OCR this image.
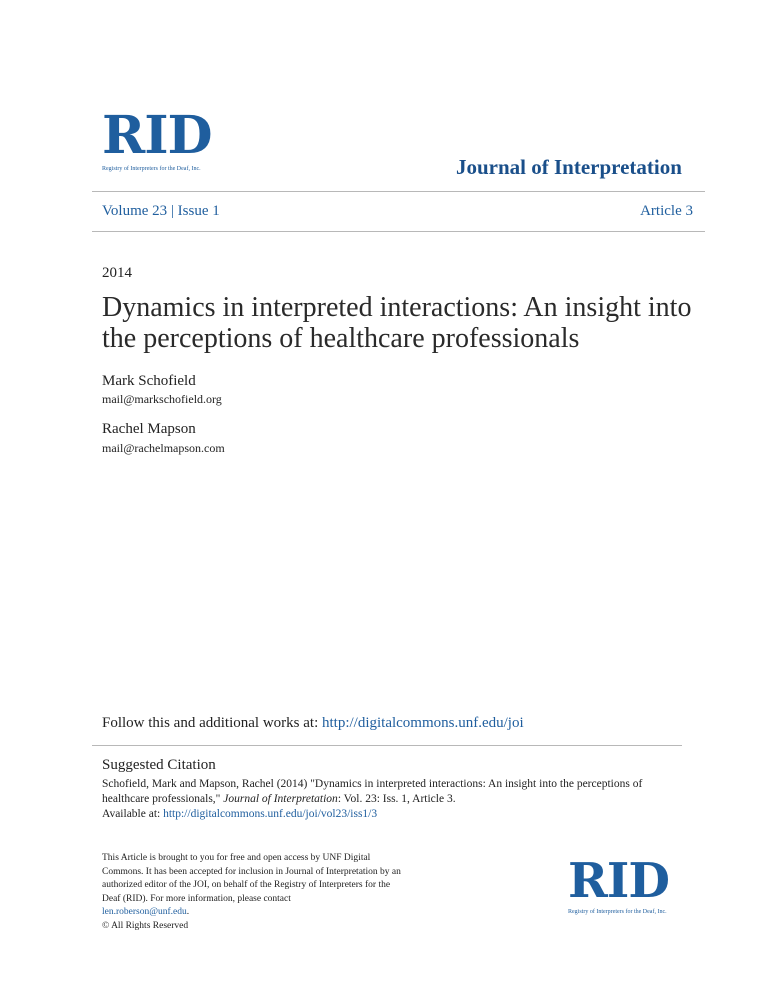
RID
Registry of Interpreters for the Deaf, Inc.	Journal of Interpretation
Volume 23 | Issue 1	Article 3
2014
Dynamics in interpreted interactions: An insight into the perceptions of healthcare professionals
Mark Schofield
mail@markschofield.org
Rachel Mapson
mail@rachelmapson.com
Follow this and additional works at: http://digitalcommons.unf.edu/joi
Suggested Citation
Schofield, Mark and Mapson, Rachel (2014) "Dynamics in interpreted interactions: An insight into the perceptions of healthcare professionals," Journal of Interpretation: Vol. 23: Iss. 1, Article 3.
Available at: http://digitalcommons.unf.edu/joi/vol23/iss1/3
This Article is brought to you for free and open access by UNF Digital Commons. It has been accepted for inclusion in Journal of Interpretation by an authorized editor of the JOI, on behalf of the Registry of Interpreters for the Deaf (RID). For more information, please contact
len.roberson@unf.edu.
© All Rights Reserved
RID
Registry of Interpreters for the Deaf, Inc.
